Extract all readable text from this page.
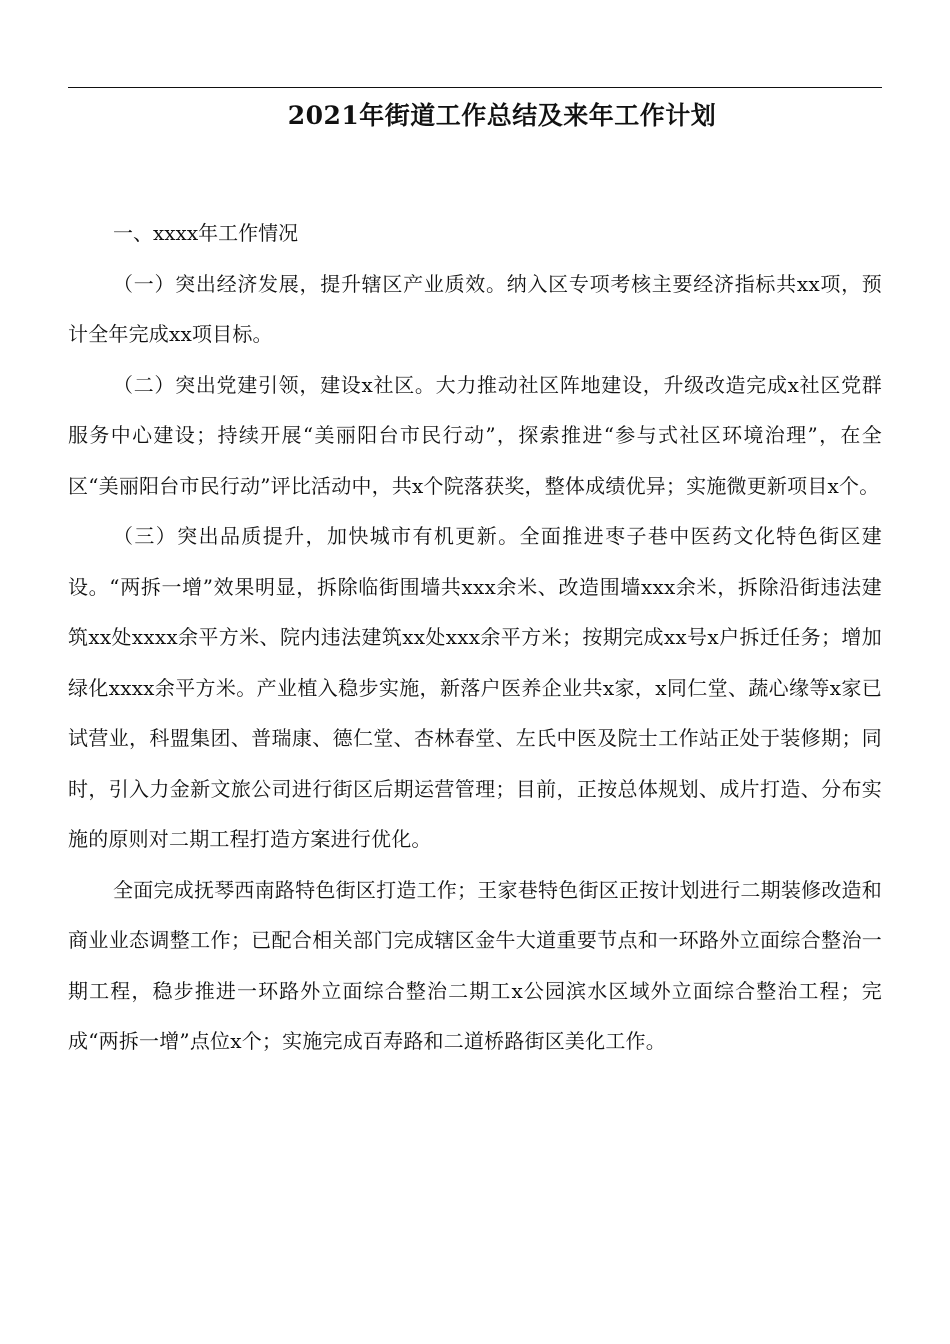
2021年街道工作总结及来年工作计划

一、xxxx年工作情况

（一）突出经济发展，提升辖区产业质效。纳入区专项考核主要经济指标共xx项，预计全年完成xx项目标。

（二）突出党建引领，建设x社区。大力推动社区阵地建设，升级改造完成x社区党群服务中心建设；持续开展“美丽阳台市民行动”，探索推进“参与式社区环境治理”，在全区“美丽阳台市民行动”评比活动中，共x个院落获奖，整体成绩优异；实施微更新项目x个。

（三）突出品质提升，加快城市有机更新。全面推进枣子巷中医药文化特色街区建设。“两拆一增”效果明显，拆除临街围墙共xxx余米、改造围墙xxx余米，拆除沿街违法建筑xx处xxxx余平方米、院内违法建筑xx处xxx余平方米；按期完成xx号x户拆迁任务；增加绿化xxxx余平方米。产业植入稳步实施，新落户医养企业共x家，x同仁堂、蔬心缘等x家已试营业，科盟集团、普瑞康、德仁堂、杏林春堂、左氏中医及院士工作站正处于装修期；同时，引入力金新文旅公司进行街区后期运营管理；目前，正按总体规划、成片打造、分布实施的原则对二期工程打造方案进行优化。

全面完成抚琴西南路特色街区打造工作；王家巷特色街区正按计划进行二期装修改造和商业业态调整工作；已配合相关部门完成辖区金牛大道重要节点和一环路外立面综合整治一期工程，稳步推进一环路外立面综合整治二期工x公园滨水区域外立面综合整治工程；完成“两拆一增”点位x个；实施完成百寿路和二道桥路街区美化工作。
